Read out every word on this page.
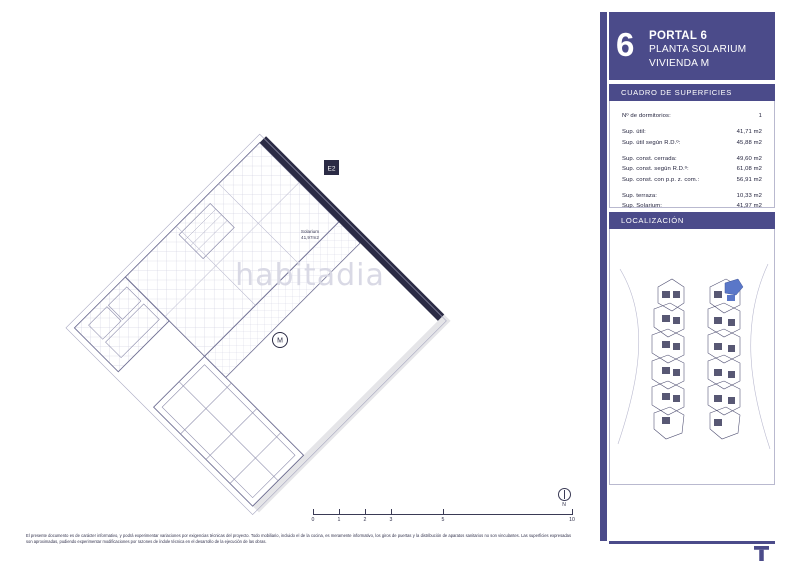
Solarium
41,97m2
E2
M
habitadia
0	1	2	3	5	10
N
El presente documento es de carácter informativo, y podrá experimentar variaciones por exigencias técnicas del proyecto. Todo mobiliario, incluido el de la cocina, es meramente informativo, los giros de puertas y la distribución de aparatos sanitarios no son vinculantes. Las superficies expresadas son aproximadas, pudiendo experimentar modificaciones por razones de índole técnica en el desarrollo de la ejecución de las obras.
6 PORTAL 6
PLANTA SOLARIUM
VIVIENDA M
CUADRO DE SUPERFICIES
Nº de dormitorios:	1
Sup. útil:	41,71 m2
Sup. útil según R.D.º:	45,88 m2
Sup. const. cerrada:	49,60 m2
Sup. const. según R.D.º:	61,08 m2
Sup. const. con p.p. z. com.:	56,91 m2
Sup. terraza:	10,33 m2
Sup. Solarium:	41,97 m2
LOCALIZACIÓN
